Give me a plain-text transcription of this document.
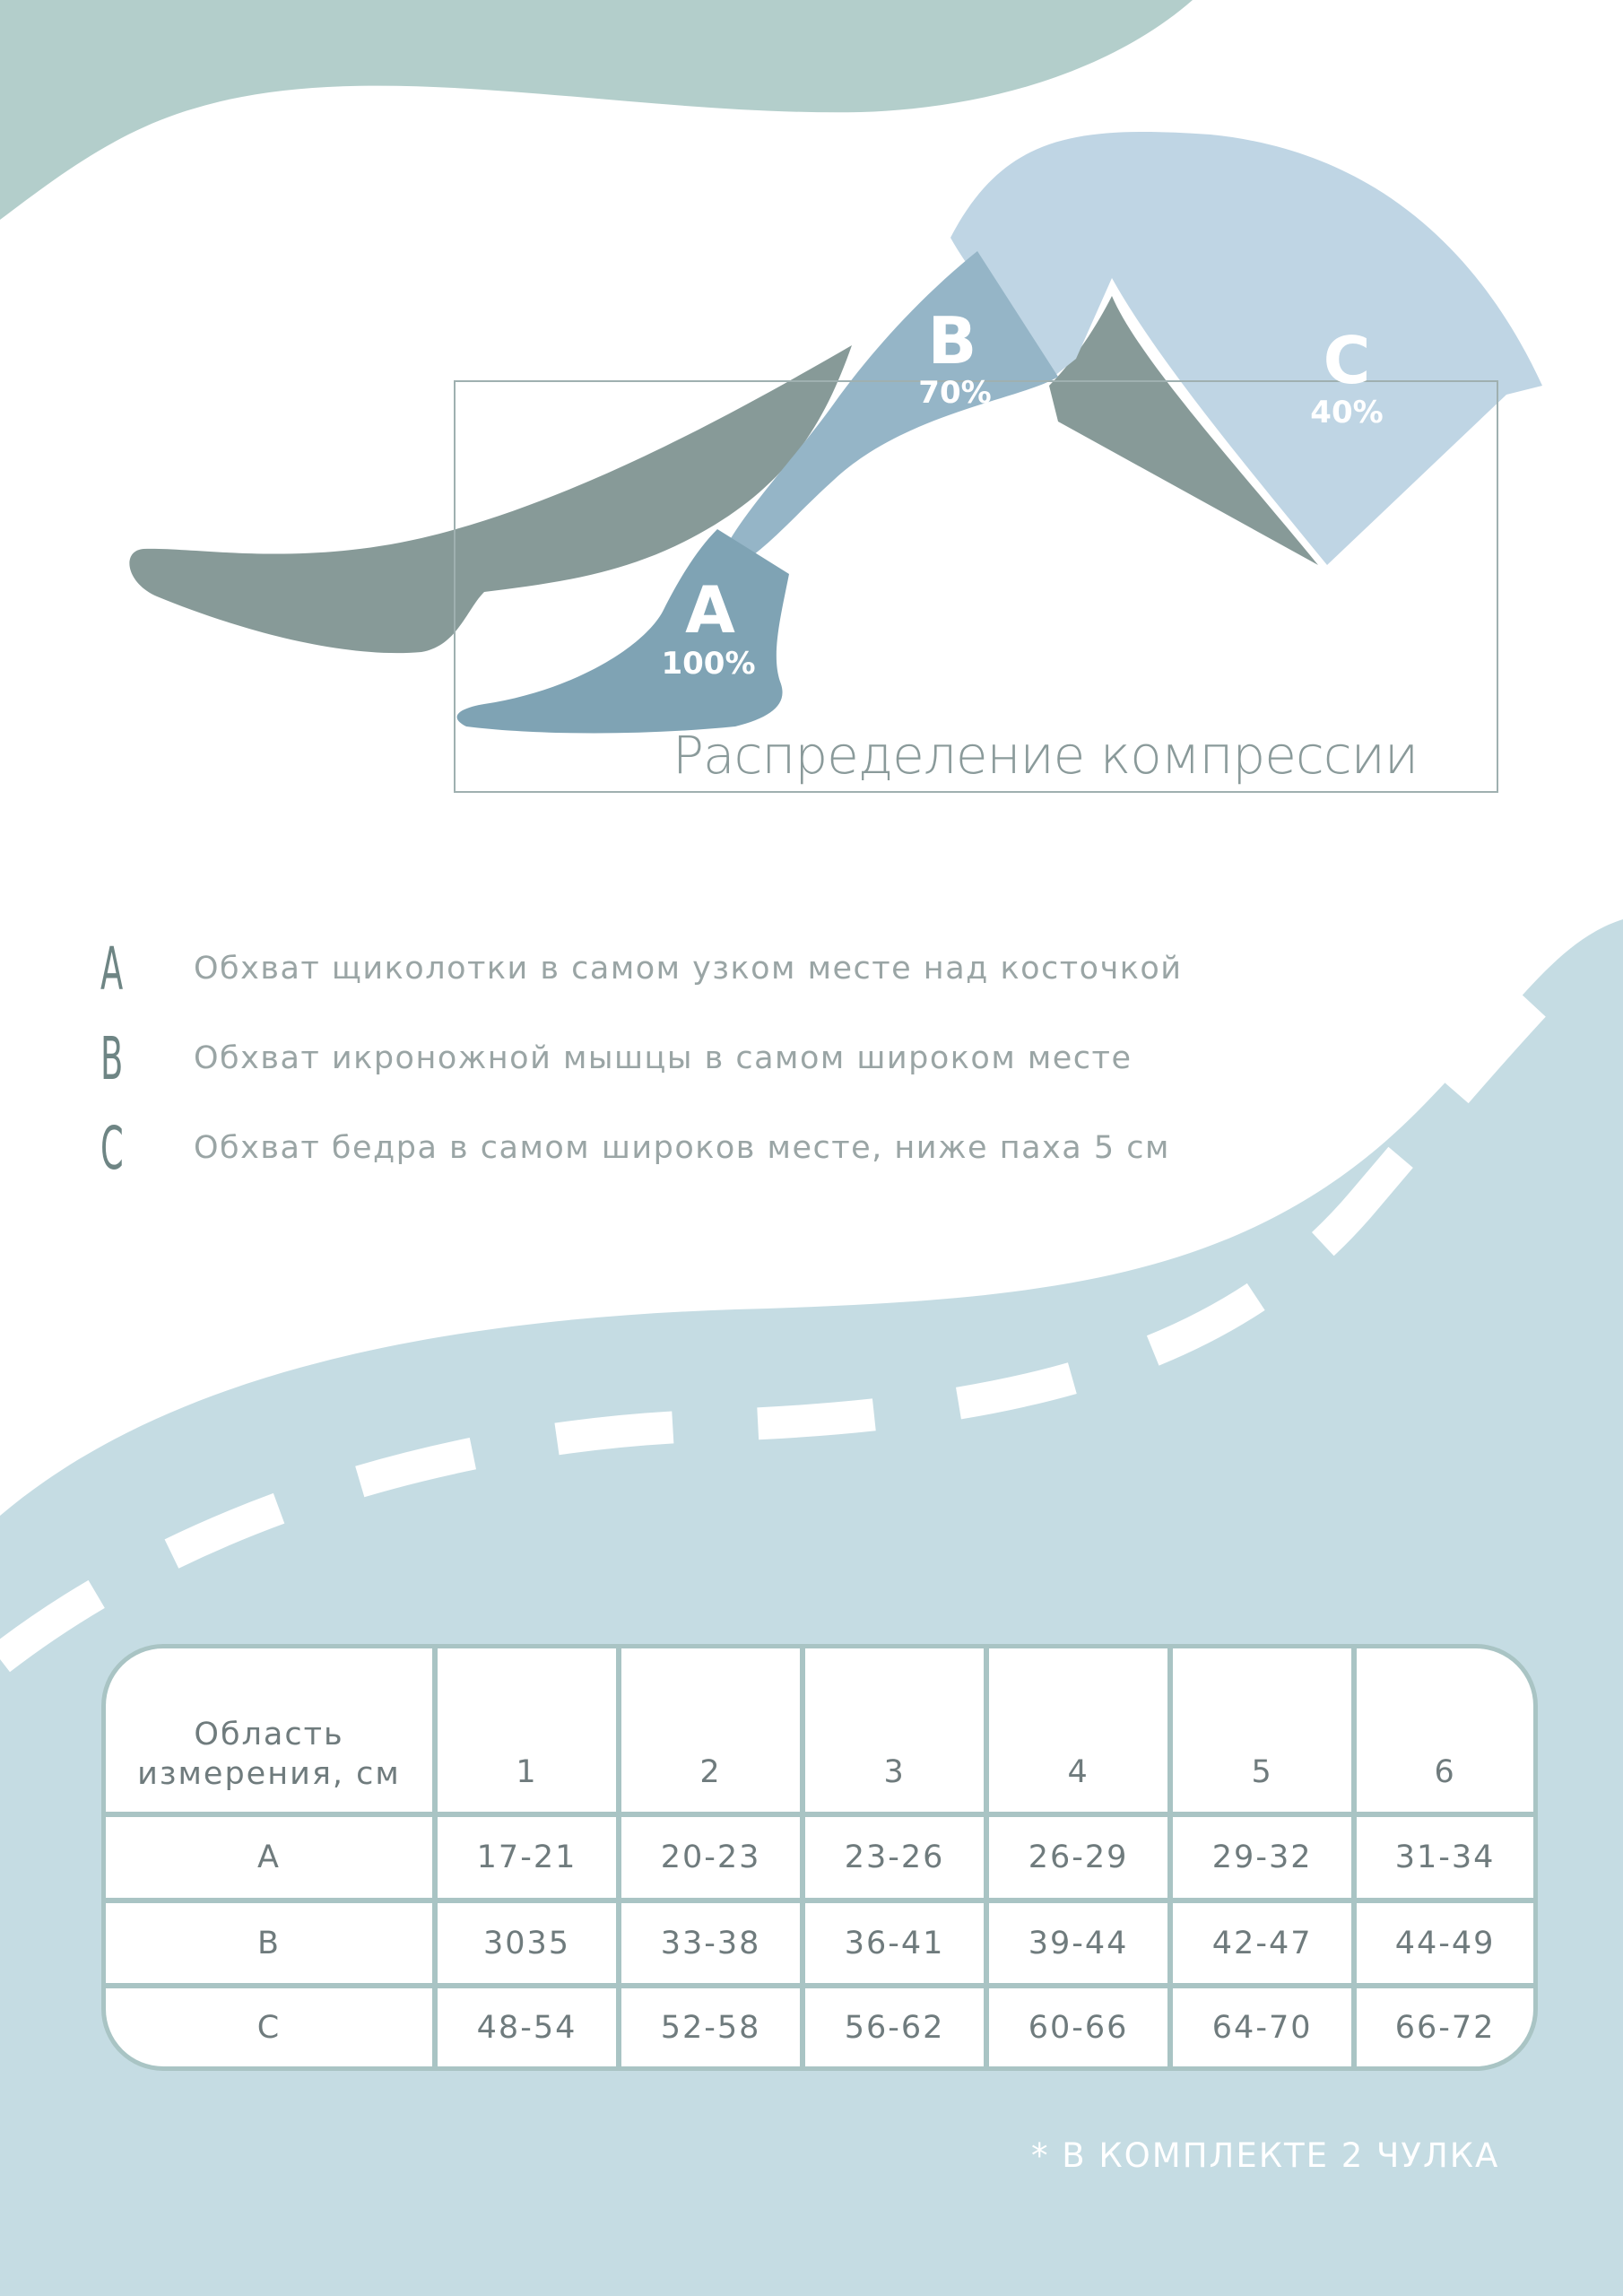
Распределение компрессии
A
100%
B
70%	C
40%
A	Обхват щиколотки в самом узком месте над косточкой
B	Обхват икроножной мышцы в самом широком месте
C	Обхват бедра в самом широков месте, ниже паха 5 см
Область
измерения, см	1	2	3	4	5	6
A	17-21	20-23	23-26	26-29	29-32	31-34
B	3035	33-38	36-41	39-44	42-47	44-49
C	48-54	52-58	56-62	60-66	64-70	66-72
* В КОМПЛЕКТЕ 2 ЧУЛКА
